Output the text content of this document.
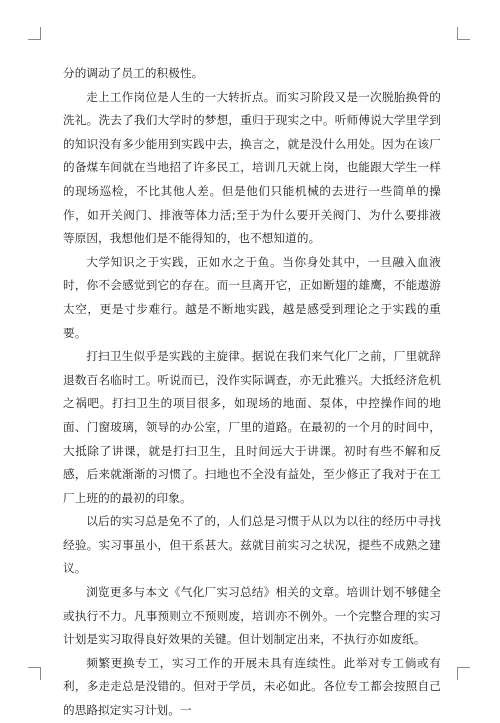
分的调动了员工的积极性。

走上工作岗位是人生的一大转折点。而实习阶段又是一次脱胎换骨的洗礼。洗去了我们大学时的梦想，重归于现实之中。听师傅说大学里学到的知识没有多少能用到实践中去，换言之，就是没什么用处。因为在该厂的备煤车间就在当地招了许多民工，培训几天就上岗，也能跟大学生一样的现场巡检，不比其他人差。但是他们只能机械的去进行一些简单的操作，如开关阀门、排液等体力活;至于为什么要开关阀门、为什么要排液等原因，我想他们是不能得知的，也不想知道的。

大学知识之于实践，正如水之于鱼。当你身处其中，一旦融入血液时，你不会感觉到它的存在。而一旦离开它，正如断翅的雄鹰，不能遨游太空，更是寸步难行。越是不断地实践，越是感受到理论之于实践的重要。

打扫卫生似乎是实践的主旋律。据说在我们来气化厂之前，厂里就辞退数百名临时工。听说而已，没作实际调查，亦无此雅兴。大抵经济危机之祸吧。打扫卫生的项目很多，如现场的地面、泵体，中控操作间的地面、门窗玻璃，领导的办公室，厂里的道路。在最初的一个月的时间中，大抵除了讲课，就是打扫卫生，且时间远大于讲课。初时有些不解和反感，后来就渐渐的习惯了。扫地也不全没有益处，至少修正了我对于在工厂上班的的最初的印象。

以后的实习总是免不了的，人们总是习惯于从以为以往的经历中寻找经验。实习事虽小，但干系甚大。兹就目前实习之状况，提些不成熟之建议。

浏览更多与本文《气化厂实习总结》相关的文章。培训计划不够健全或执行不力。凡事预则立不预则废，培训亦不例外。一个完整合理的实习计划是实习取得良好效果的关键。但计划制定出来，不执行亦如废纸。

频繁更换专工，实习工作的开展未具有连续性。此举对专工倘或有利，多走走总是没错的。但对于学员，未必如此。各位专工都会按照自己的思路拟定实习计划。一
